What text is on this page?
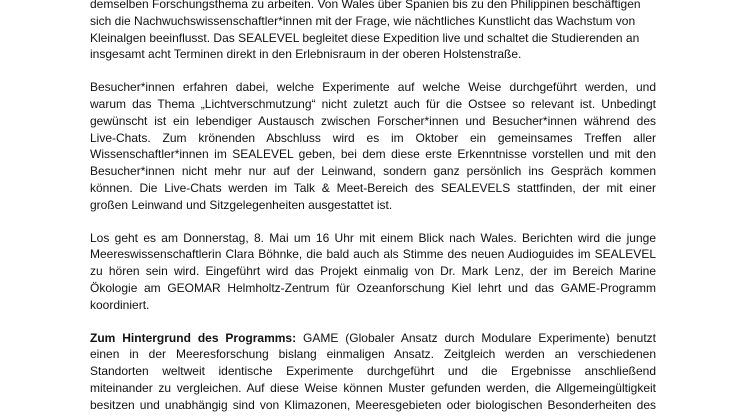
demselben Forschungsthema zu arbeiten. Von Wales über Spanien bis zu den Philippinen beschäftigen
sich die Nachwuchswissenschaftler*innen mit der Frage, wie nächtliches Kunstlicht das Wachstum von
Kleinalgen beeinflusst. Das SEALEVEL begleitet diese Expedition live und schaltet die Studierenden an
insgesamt acht Terminen direkt in den Erlebnisraum in der oberen Holstenstraße.
Besucher*innen erfahren dabei, welche Experimente auf welche Weise durchgeführt werden, und
warum das Thema „Lichtverschmutzung“ nicht zuletzt auch für die Ostsee so relevant ist. Unbedingt
gewünscht ist ein lebendiger Austausch zwischen Forscher*innen und Besucher*innen während des
Live-Chats. Zum krönenden Abschluss wird es im Oktober ein gemeinsames Treffen aller
Wissenschaftler*innen im SEALEVEL geben, bei dem diese erste Erkenntnisse vorstellen und mit den
Besucher*innen nicht mehr nur auf der Leinwand, sondern ganz persönlich ins Gespräch kommen
können. Die Live-Chats werden im Talk & Meet-Bereich des SEALEVELS stattfinden, der mit einer
großen Leinwand und Sitzgelegenheiten ausgestattet ist.
Los geht es am Donnerstag, 8. Mai um 16 Uhr mit einem Blick nach Wales. Berichten wird die junge
Meereswissenschaftlerin Clara Böhnke, die bald auch als Stimme des neuen Audioguides im SEALEVEL
zu hören sein wird. Eingeführt wird das Projekt einmalig von Dr. Mark Lenz, der im Bereich Marine
Ökologie am GEOMAR Helmholtz-Zentrum für Ozeanforschung Kiel lehrt und das GAME-Programm
koordiniert.
Zum Hintergrund des Programms: GAME (Globaler Ansatz durch Modulare Experimente) benutzt
einen in der Meeresforschung bislang einmaligen Ansatz. Zeitgleich werden an verschiedenen
Standorten weltweit identische Experimente durchgeführt und die Ergebnisse anschließend
miteinander zu vergleichen. Auf diese Weise können Muster gefunden werden, die Allgemeingültigkeit
besitzen und unabhängig sind von Klimazonen, Meeresgebieten oder biologischen Besonderheiten des
